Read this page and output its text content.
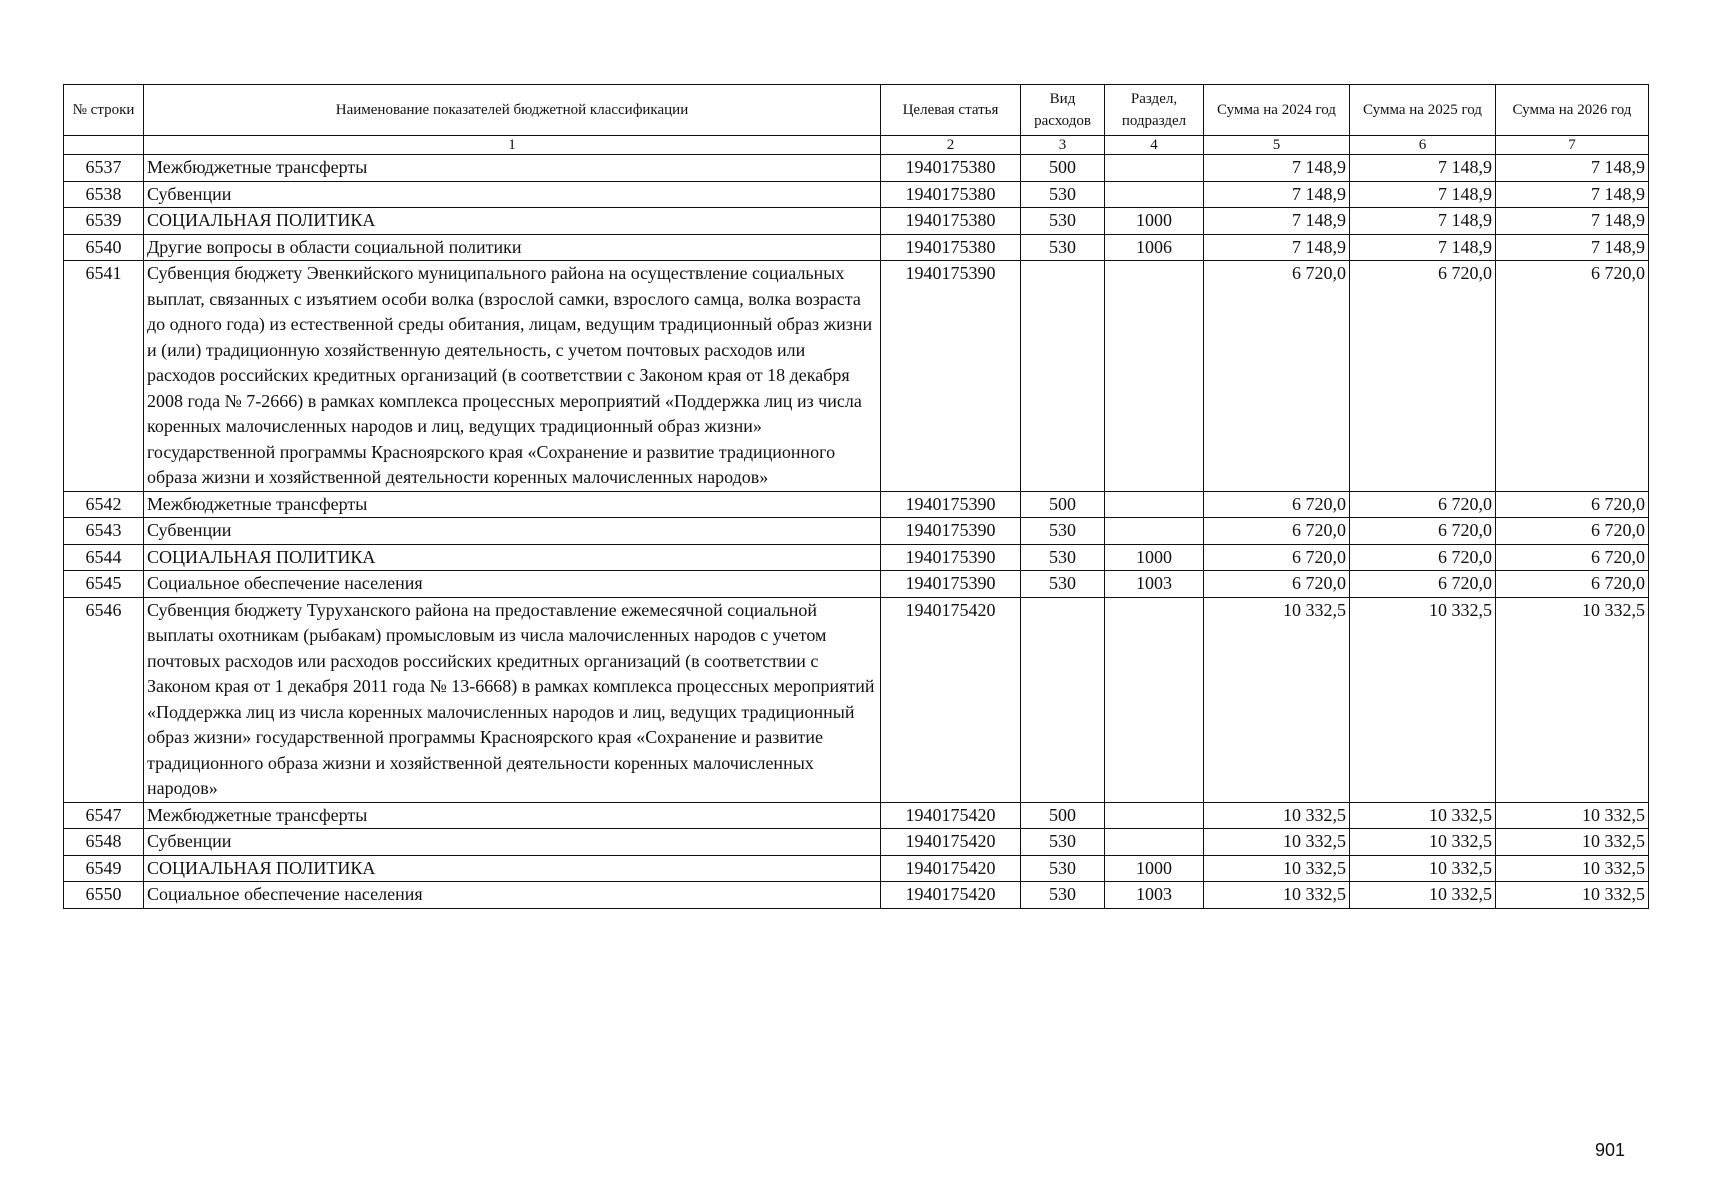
№ строки	Наименование показателей бюджетной классификации	Целевая статья	Вид расходов	Раздел, подраздел	Сумма на 2024 год	Сумма на 2025 год	Сумма на 2026 год
	1	2	3	4	5	6	7
6537	Межбюджетные трансферты	1940175380	500		7 148,9	7 148,9	7 148,9
6538	Субвенции	1940175380	530		7 148,9	7 148,9	7 148,9
6539	СОЦИАЛЬНАЯ ПОЛИТИКА	1940175380	530	1000	7 148,9	7 148,9	7 148,9
6540	Другие вопросы в области социальной политики	1940175380	530	1006	7 148,9	7 148,9	7 148,9
6541	Субвенция бюджету Эвенкийского муниципального района на осуществление социальных выплат, связанных с изъятием особи волка (взрослой самки, взрослого самца, волка возраста до одного года) из естественной среды обитания, лицам, ведущим традиционный образ жизни и (или) традиционную хозяйственную деятельность, с учетом почтовых расходов или расходов российских кредитных организаций (в соответствии с Законом края от 18 декабря 2008 года № 7-2666) в рамках комплекса процессных мероприятий «Поддержка лиц из числа коренных малочисленных народов и лиц, ведущих традиционный образ жизни» государственной программы Красноярского края «Сохранение и развитие традиционного образа жизни и хозяйственной деятельности коренных малочисленных народов»	1940175390			6 720,0	6 720,0	6 720,0
6542	Межбюджетные трансферты	1940175390	500		6 720,0	6 720,0	6 720,0
6543	Субвенции	1940175390	530		6 720,0	6 720,0	6 720,0
6544	СОЦИАЛЬНАЯ ПОЛИТИКА	1940175390	530	1000	6 720,0	6 720,0	6 720,0
6545	Социальное обеспечение населения	1940175390	530	1003	6 720,0	6 720,0	6 720,0
6546	Субвенция бюджету Туруханского района на предоставление ежемесячной социальной выплаты охотникам (рыбакам) промысловым из числа малочисленных народов с учетом почтовых расходов или расходов российских кредитных организаций (в соответствии с Законом края от 1 декабря 2011 года № 13-6668) в рамках комплекса процессных мероприятий «Поддержка лиц из числа коренных малочисленных народов и лиц, ведущих традиционный образ жизни» государственной программы Красноярского края «Сохранение и развитие традиционного образа жизни и хозяйственной деятельности коренных малочисленных народов»	1940175420			10 332,5	10 332,5	10 332,5
6547	Межбюджетные трансферты	1940175420	500		10 332,5	10 332,5	10 332,5
6548	Субвенции	1940175420	530		10 332,5	10 332,5	10 332,5
6549	СОЦИАЛЬНАЯ ПОЛИТИКА	1940175420	530	1000	10 332,5	10 332,5	10 332,5
6550	Социальное обеспечение населения	1940175420	530	1003	10 332,5	10 332,5	10 332,5
901
